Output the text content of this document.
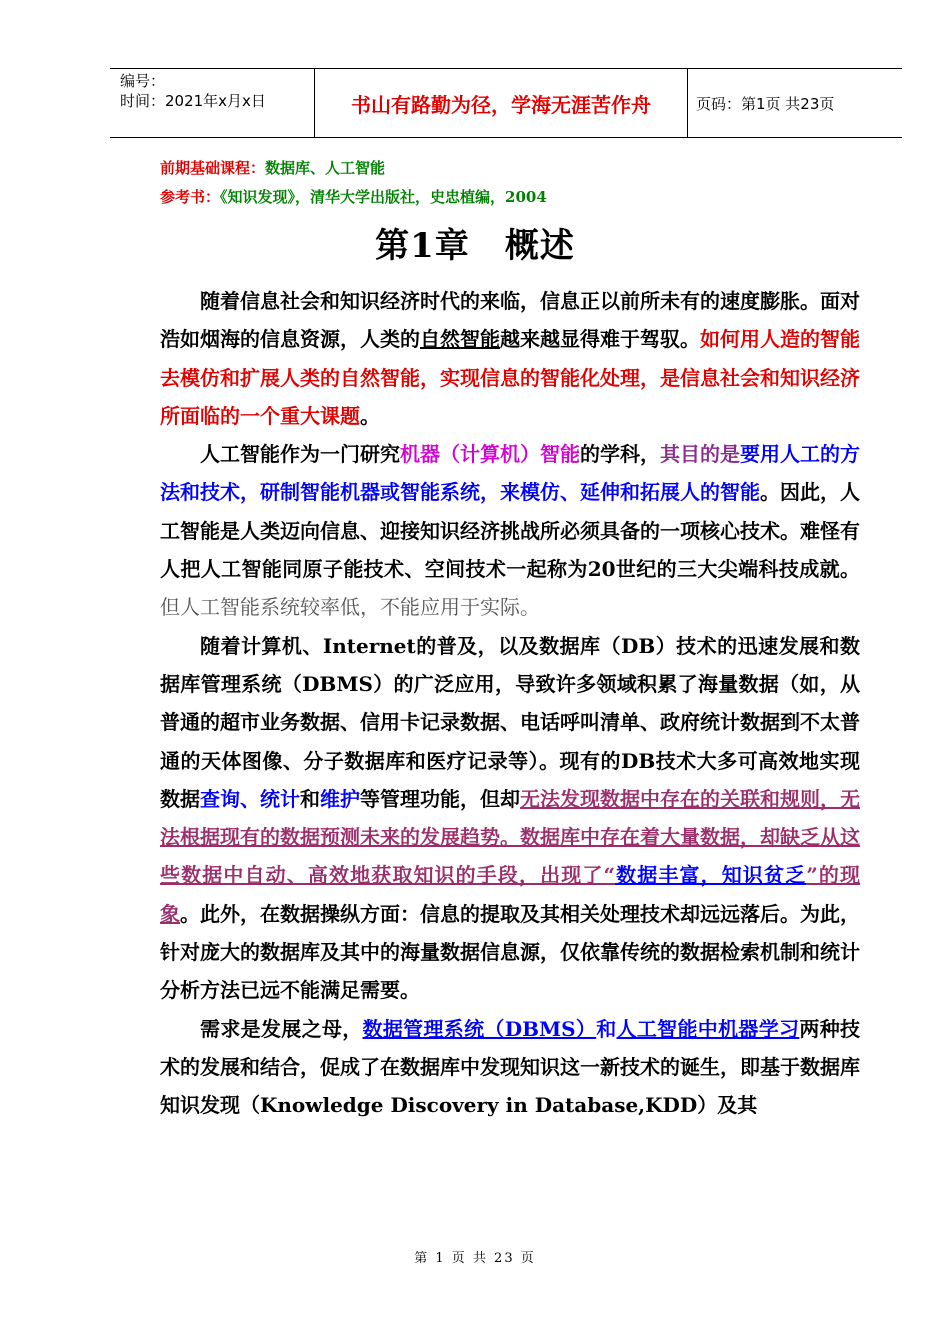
编号：
时间：2021年x月x日	书山有路勤为径，学海无涯苦作舟	页码：第1页 共23页
前期基础课程：数据库、人工智能
参考书：《知识发现》，清华大学出版社，史忠植编，2004
第1章　概述

随着信息社会和知识经济时代的来临，信息正以前所未有的速度膨胀。面对浩如烟海的信息资源，人类的自然智能越来越显得难于驾驭。如何用人造的智能去模仿和扩展人类的自然智能，实现信息的智能化处理，是信息社会和知识经济所面临的一个重大课题。

人工智能作为一门研究机器（计算机）智能的学科，其目的是要用人工的方法和技术，研制智能机器或智能系统，来模仿、延伸和拓展人的智能。因此，人工智能是人类迈向信息、迎接知识经济挑战所必须具备的一项核心技术。难怪有人把人工智能同原子能技术、空间技术一起称为20世纪的三大尖端科技成就。但人工智能系统较率低，不能应用于实际。

随着计算机、Internet的普及，以及数据库（DB）技术的迅速发展和数据库管理系统（DBMS）的广泛应用，导致许多领域积累了海量数据（如，从普通的超市业务数据、信用卡记录数据、电话呼叫清单、政府统计数据到不太普通的天体图像、分子数据库和医疗记录等）。现有的DB技术大多可高效地实现数据查询、统计和维护等管理功能，但却无法发现数据中存在的关联和规则，无法根据现有的数据预测未来的发展趋势。数据库中存在着大量数据，却缺乏从这些数据中自动、高效地获取知识的手段，出现了“数据丰富，知识贫乏”的现象。此外，在数据操纵方面：信息的提取及其相关处理技术却远远落后。为此，针对庞大的数据库及其中的海量数据信息源，仅依靠传统的数据检索机制和统计分析方法已远不能满足需要。

需求是发展之母，数据管理系统（DBMS）和人工智能中机器学习两种技术的发展和结合，促成了在数据库中发现知识这一新技术的诞生，即基于数据库知识发现（Knowledge Discovery in Database,KDD）及其

第 1 页 共 23 页
